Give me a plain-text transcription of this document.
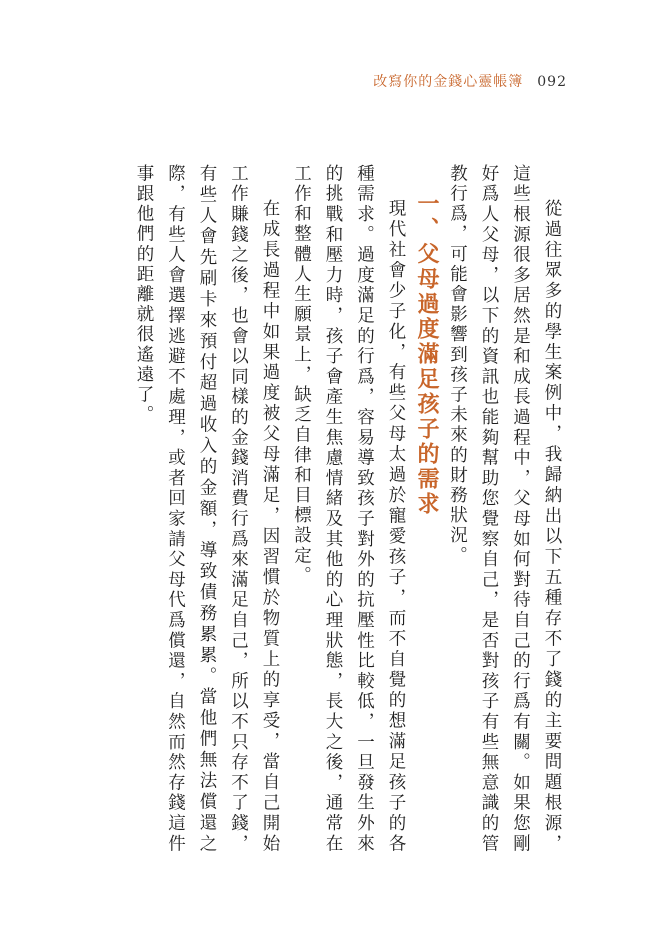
改寫你的金錢心靈帳簿 092

從過往眾多的學生案例中，我歸納出以下五種存不了錢的主要問題根源，這些根源很多居然是和成長過程中，父母如何對待自己的行爲有關。如果您剛好爲人父母，以下的資訊也能夠幫助您覺察自己，是否對孩子有些無意識的管教行爲，可能會影響到孩子未來的財務狀況。

一、父母過度滿足孩子的需求

現代社會少子化，有些父母太過於寵愛孩子，而不自覺的想滿足孩子的各種需求。過度滿足的行爲，容易導致孩子對外的抗壓性比較低，一旦發生外來的挑戰和壓力時，孩子會產生焦慮情緒及其他的心理狀態，長大之後，通常在工作和整體人生願景上，缺乏自律和目標設定。

在成長過程中如果過度被父母滿足，因習慣於物質上的享受，當自己開始工作賺錢之後，也會以同樣的金錢消費行爲來滿足自己，所以不只存不了錢，有些人會先刷卡來預付超過收入的金額，導致債務累累。當他們無法償還之際，有些人會選擇逃避不處理，或者回家請父母代爲償還，自然而然存錢這件事跟他們的距離就很遙遠了。
